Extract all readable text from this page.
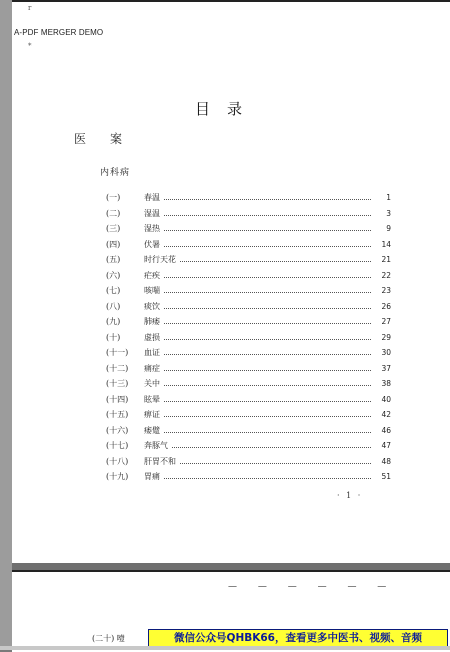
r
A-PDF MERGER DEMO
*
目　录
医　　案
内科病
(一)	春温	1
(二)	湿温	3
(三)	湿热	9
(四)	伏暑	14
(五)	时行天花	21
(六)	疟疾	22
(七)	咳喘	23
(八)	痰饮	26
(九)	肺痿	27
(十)	虚损	29
(十一)	血证	30
(十二)	痛症	37
(十三)	关中	38
(十四)	眩晕	40
(十五)	痹证	42
(十六)	痿躄	46
(十七)	奔豚气	47
(十八)	肝胃不和	48
(十九)	胃痛	51
· 1 ·
— — — — — —
(二十) 噎	微信公众号QHBK66，查看更多中医书、视频、音频
